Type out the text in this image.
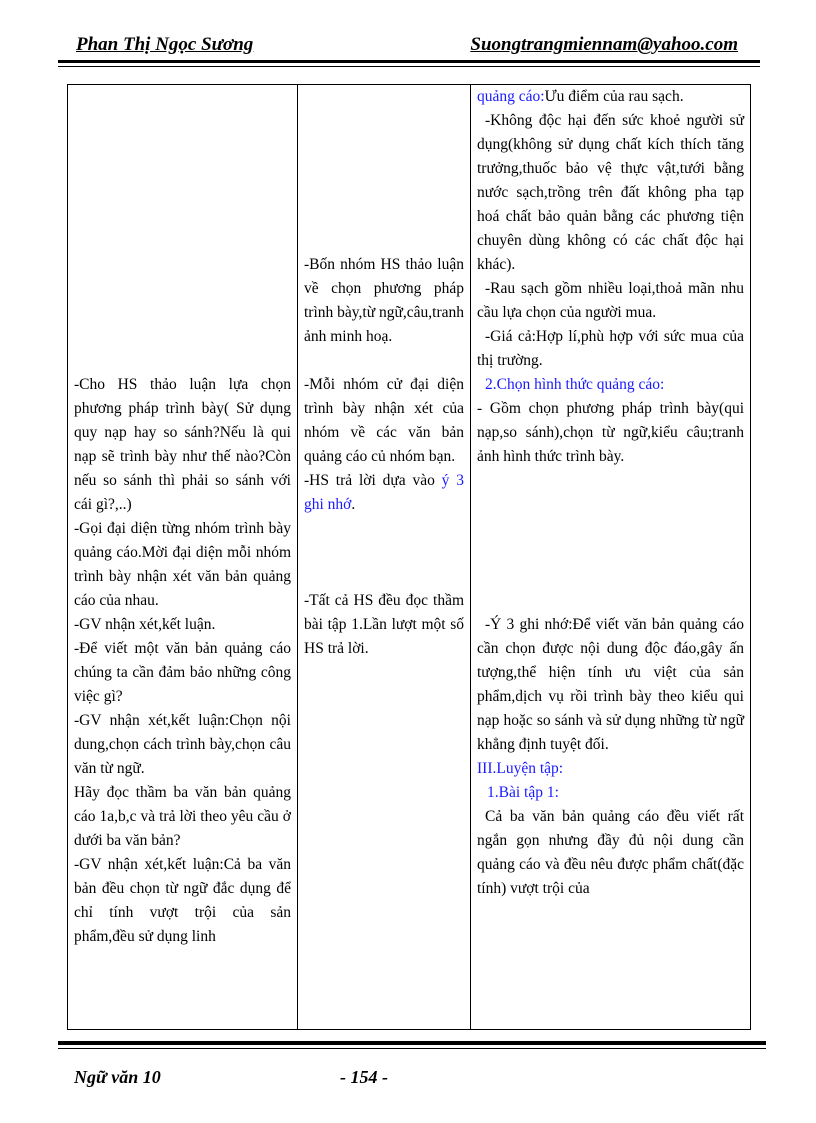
Phan Thị Ngọc Sương	Suongtrangmiennam@yahoo.com
-Cho HS thảo luận lựa chọn phương pháp trình bày( Sử dụng quy nạp hay so sánh?Nếu là qui nạp sẽ trình bày như thế nào?Còn nếu so sánh thì phải so sánh với cái gì?,..)
-Gọi đại diện từng nhóm trình bày quảng cáo.Mời đại diện mỗi nhóm trình bày nhận xét văn bản quảng cáo của nhau.
-GV nhận xét,kết luận.
-Để viết một văn bản quảng cáo chúng ta cần đảm bảo những công việc gì?
-GV nhận xét,kết luận:Chọn nội dung,chọn cách trình bày,chọn câu văn từ ngữ.
Hãy đọc thầm ba văn bản quảng cáo 1a,b,c và trả lời theo yêu cầu ở dưới ba văn bản?
-GV nhận xét,kết luận:Cả ba văn bản đều chọn từ ngữ đắc dụng để chỉ tính vượt trội của sản phẩm,đều sử dụng linh

-Bốn nhóm HS thảo luận về chọn phương pháp trình bày,từ ngữ,câu,tranh ảnh minh hoạ.
-Mỗi nhóm cử đại diện trình bày nhận xét của nhóm về các văn bản quảng cáo củ nhóm bạn.
-HS trả lời dựa vào ý 3 ghi nhớ.
-Tất cả HS đều đọc thầm bài tập 1.Lần lượt một số HS trả lời.

quảng cáo:Ưu điểm của rau sạch.
-Không độc hại đến sức khoẻ người sử dụng(không sử dụng chất kích thích tăng trưởng,thuốc bảo vệ thực vật,tưới bằng nước sạch,trồng trên đất không pha tạp hoá chất bảo quản bằng các phương tiện chuyên dùng không có các chất độc hại khác).
-Rau sạch gồm nhiều loại,thoả mãn nhu cầu lựa chọn của người mua.
-Giá cả:Hợp lí,phù hợp với sức mua của thị trường.
2.Chọn hình thức quảng cáo:
- Gồm chọn phương pháp trình bày(qui nạp,so sánh),chọn từ ngữ,kiểu câu;tranh ảnh hình thức trình bày.
-Ý 3 ghi nhớ:Để viết văn bản quảng cáo cần chọn được nội dung độc đáo,gây ấn tượng,thể hiện tính ưu việt của sản phẩm,dịch vụ rồi trình bày theo kiểu qui nạp hoặc so sánh và sử dụng những từ ngữ khẳng định tuyệt đối.
III.Luyện tập:
1.Bài tập 1:
Cả ba văn bản quảng cáo đều viết rất ngắn gọn nhưng đầy đủ nội dung cần quảng cáo và đều nêu được phẩm chất(đặc tính) vượt trội của
Ngữ văn 10	- 154 -
